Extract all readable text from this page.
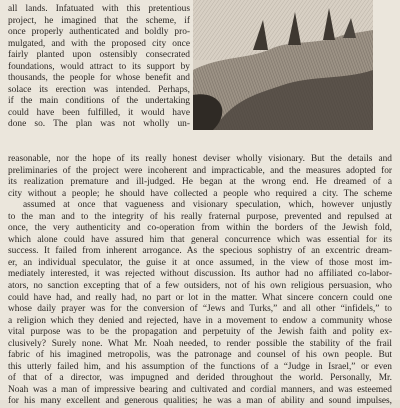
all lands. Infatuated with this pretentious
project, he imagined that the scheme, if
once properly authenticated and boldly pro-
mulgated, and with the proposed city once
fairly planted upon ostensibly consecrated
foundations, would attract to its support by
thousands, the people for whose benefit and
solace its erection was intended. Perhaps,
if the main conditions of the undertaking
could have been fulfilled, it would have
done so. The plan was not wholly un-
reasonable, nor the hope of its really honest deviser wholly visionary. But the details and
preliminaries of the project were incoherent and impracticable, and the measures adopted for
its realization premature and ill-judged. He began at the wrong end. He dreamed of a
city without a people; he should have collected a people who required a city. The scheme
assumed at once that vagueness and visionary speculation, which, however unjustly
to the man and to the integrity of his really fraternal purpose, prevented and repulsed at
once, the very authenticity and co-operation from within the borders of the Jewish fold,
which alone could have assured him that general concurrence which was essential for its
success. It failed from inherent arrogance. As the specious sophistry of an excentric dream-
er, an individual speculator, the guise it at once assumed, in the view of those most im-
mediately interested, it was rejected without discussion. Its author had no affiliated co-labor-
ators, no sanction excepting that of a few outsiders, not of his own religious persuasion, who
could have had, and really had, no part or lot in the matter. What sincere concern could one
whose daily prayer was for the conversion of “Jews and Turks,” and all other “infidels,” to
a religion which they denied and rejected, have in a movement to endow a community whose
vital purpose was to be the propagation and perpetuity of the Jewish faith and polity ex-
clusively? Surely none. What Mr. Noah needed, to render possible the stability of the frail
fabric of his imagined metropolis, was the patronage and counsel of his own people. But
this utterly failed him, and his assumption of the functions of a “Judge in Israel,” or even
of that of a director, was impugned and derided throughout the world. Personally, Mr.
Noah was a man of impressive bearing and cultivated and cordial manners, and was esteemed
for his many excellent and generous qualities; he was a man of ability and sound impulses,
